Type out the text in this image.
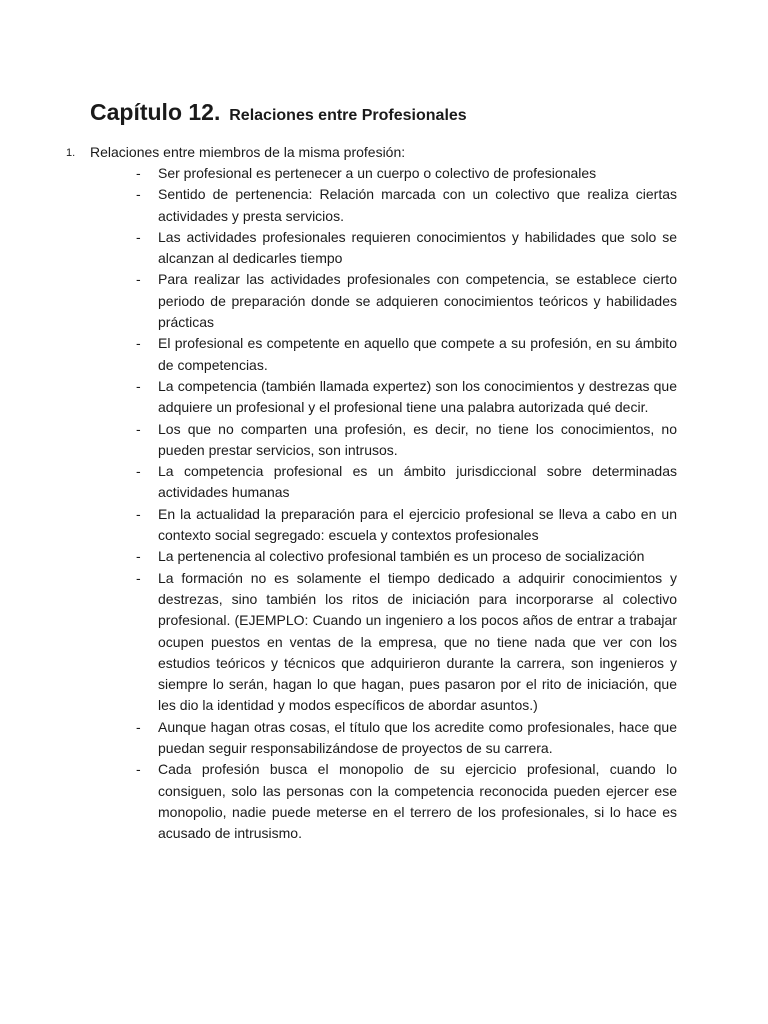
Capítulo 12. Relaciones entre Profesionales
1. Relaciones entre miembros de la misma profesión:
- Ser profesional es pertenecer a un cuerpo o colectivo de profesionales
- Sentido de pertenencia: Relación marcada con un colectivo que realiza ciertas actividades y presta servicios.
- Las actividades profesionales requieren conocimientos y habilidades que solo se alcanzan al dedicarles tiempo
- Para realizar las actividades profesionales con competencia, se establece cierto periodo de preparación donde se adquieren conocimientos teóricos y habilidades prácticas
- El profesional es competente en aquello que compete a su profesión, en su ámbito de competencias.
- La competencia (también llamada expertez) son los conocimientos y destrezas que adquiere un profesional y el profesional tiene una palabra autorizada qué decir.
- Los que no comparten una profesión, es decir, no tiene los conocimientos, no pueden prestar servicios, son intrusos.
- La competencia profesional es un ámbito jurisdiccional sobre determinadas actividades humanas
- En la actualidad la preparación para el ejercicio profesional se lleva a cabo en un contexto social segregado: escuela y contextos profesionales
- La pertenencia al colectivo profesional también es un proceso de socialización
- La formación no es solamente el tiempo dedicado a adquirir conocimientos y destrezas, sino también los ritos de iniciación para incorporarse al colectivo profesional. (EJEMPLO: Cuando un ingeniero a los pocos años de entrar a trabajar ocupen puestos en ventas de la empresa, que no tiene nada que ver con los estudios teóricos y técnicos que adquirieron durante la carrera, son ingenieros y siempre lo serán, hagan lo que hagan, pues pasaron por el rito de iniciación, que les dio la identidad y modos específicos de abordar asuntos.)
- Aunque hagan otras cosas, el título que los acredite como profesionales, hace que puedan seguir responsabilizándose de proyectos de su carrera.
- Cada profesión busca el monopolio de su ejercicio profesional, cuando lo consiguen, solo las personas con la competencia reconocida pueden ejercer ese monopolio, nadie puede meterse en el terrero de los profesionales, si lo hace es acusado de intrusismo.
